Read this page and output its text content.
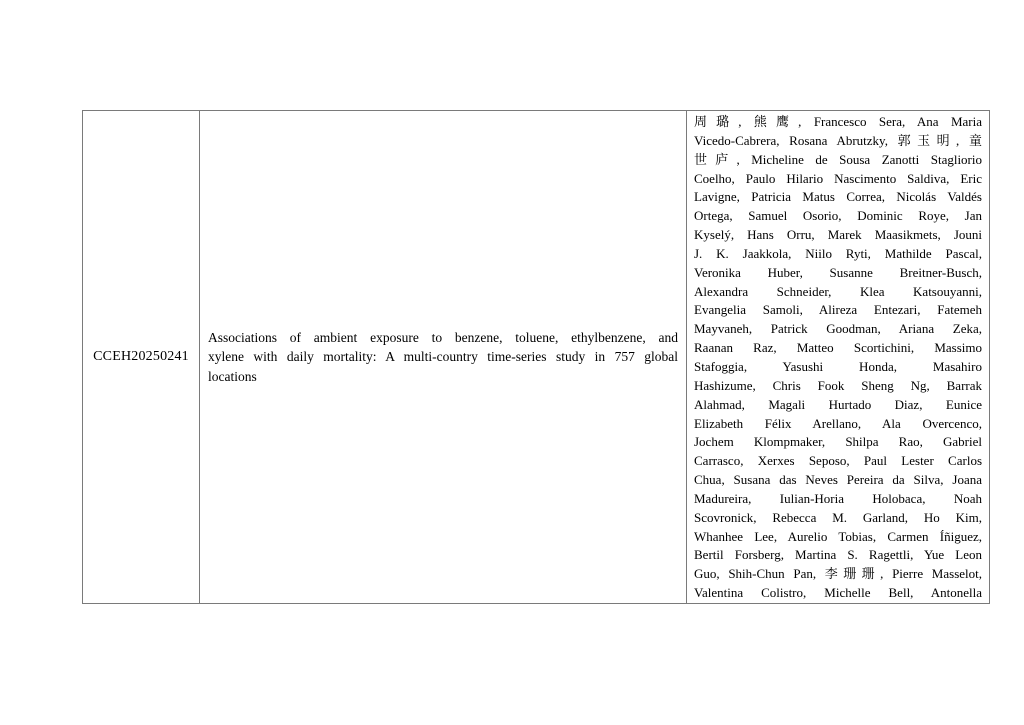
CCEH20250241
Associations of ambient exposure to benzene, toluene, ethylbenzene, and
xylene with daily mortality: A multi-country time-series study in 757 global
locations
周璐, 熊鹰, Francesco Sera, Ana Maria
Vicedo-Cabrera, Rosana Abrutzky, 郭玉明, 童
世庐, Micheline de Sousa Zanotti Stagliorio
Coelho, Paulo Hilario Nascimento Saldiva, Eric
Lavigne, Patricia Matus Correa, Nicolás Valdés
Ortega, Samuel Osorio, Dominic Roye, Jan
Kyselý, Hans Orru, Marek Maasikmets, Jouni
J. K. Jaakkola, Niilo Ryti, Mathilde Pascal,
Veronika Huber, Susanne Breitner-Busch,
Alexandra Schneider, Klea Katsouyanni,
Evangelia Samoli, Alireza Entezari, Fatemeh
Mayvaneh, Patrick Goodman, Ariana Zeka,
Raanan Raz, Matteo Scortichini, Massimo
Stafoggia, Yasushi Honda, Masahiro
Hashizume, Chris Fook Sheng Ng, Barrak
Alahmad, Magali Hurtado Diaz, Eunice
Elizabeth Félix Arellano, Ala Overcenco,
Jochem Klompmaker, Shilpa Rao, Gabriel
Carrasco, Xerxes Seposo, Paul Lester Carlos
Chua, Susana das Neves Pereira da Silva, Joana
Madureira, Iulian-Horia Holobaca, Noah
Scovronick, Rebecca M. Garland, Ho Kim,
Whanhee Lee, Aurelio Tobias, Carmen Íñiguez,
Bertil Forsberg, Martina S. Ragettli, Yue Leon
Guo, Shih-Chun Pan, 李珊珊, Pierre Masselot,
Valentina Colistro, Michelle Bell, Antonella
